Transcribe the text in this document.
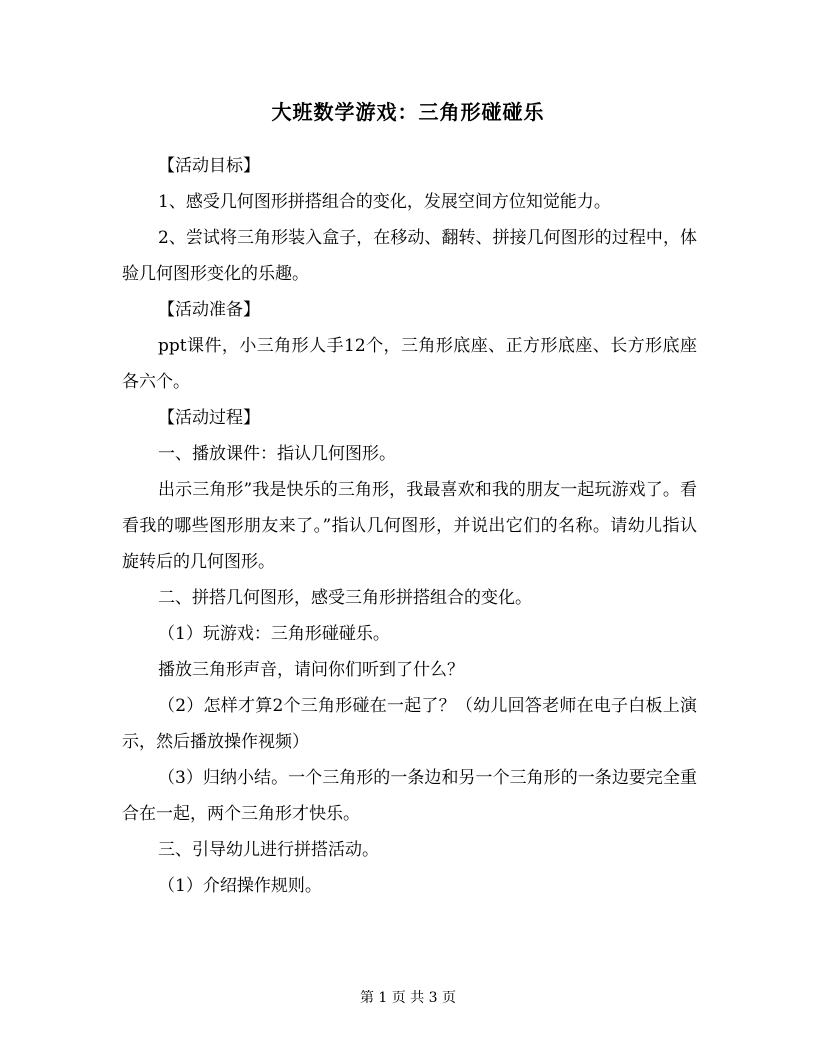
大班数学游戏：三角形碰碰乐

【活动目标】

1、感受几何图形拼搭组合的变化，发展空间方位知觉能力。

2、尝试将三角形装入盒子，在移动、翻转、拼接几何图形的过程中，体验几何图形变化的乐趣。

【活动准备】

ppt课件，小三角形人手12个，三角形底座、正方形底座、长方形底座各六个。

【活动过程】

一、播放课件：指认几何图形。

出示三角形”我是快乐的三角形，我最喜欢和我的朋友一起玩游戏了。看看我的哪些图形朋友来了。”指认几何图形，并说出它们的名称。请幼儿指认旋转后的几何图形。

二、拼搭几何图形，感受三角形拼搭组合的变化。

（1）玩游戏：三角形碰碰乐。

播放三角形声音，请问你们听到了什么？

（2）怎样才算2个三角形碰在一起了？（幼儿回答老师在电子白板上演示，然后播放操作视频）

（3）归纳小结。一个三角形的一条边和另一个三角形的一条边要完全重合在一起，两个三角形才快乐。

三、引导幼儿进行拼搭活动。

（1）介绍操作规则。

第 1 页 共 3 页
